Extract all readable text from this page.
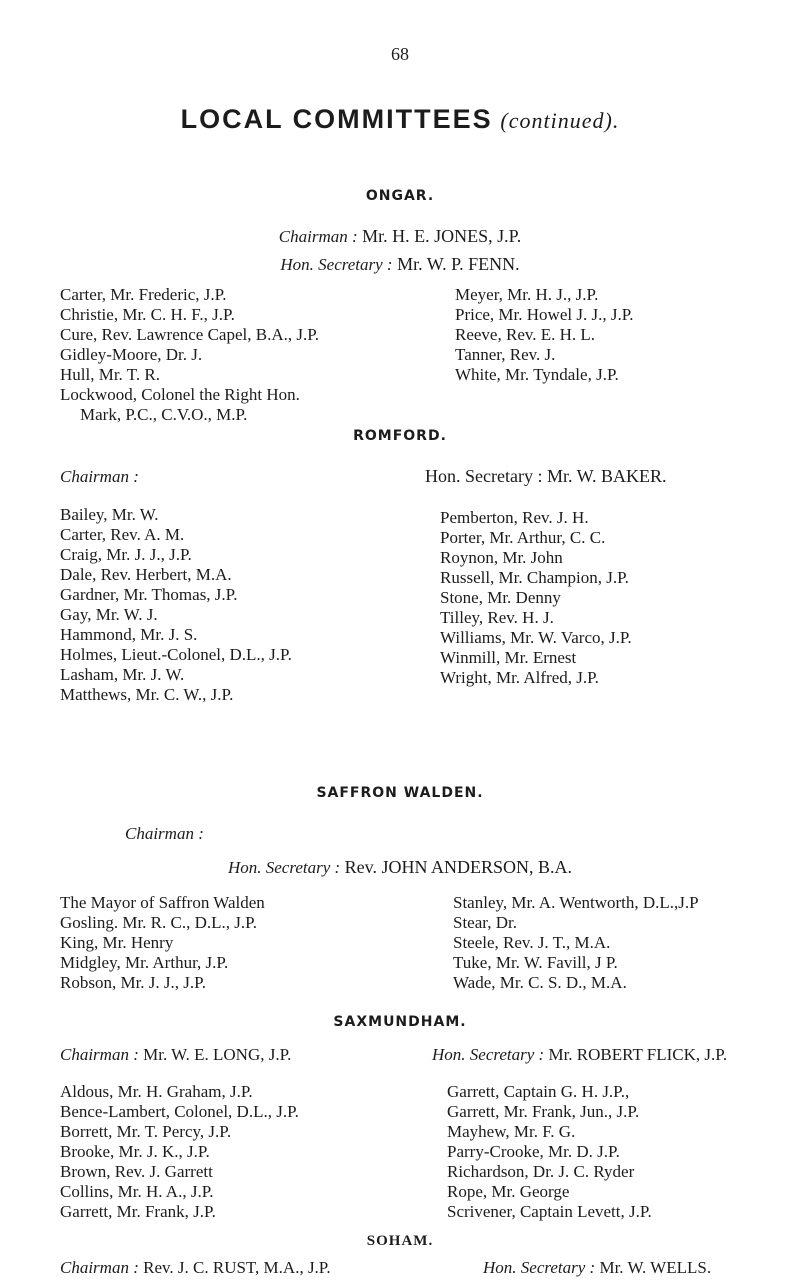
68
LOCAL COMMITTEES (continued).
ONGAR.
Chairman : Mr. H. E. JONES, J.P.
Hon. Secretary : Mr. W. P. FENN.
Carter, Mr. Frederic, J.P.
Christie, Mr. C. H. F., J.P.
Cure, Rev. Lawrence Capel, B.A., J.P.
Gidley-Moore, Dr. J.
Hull, Mr. T. R.
Lockwood, Colonel the Right Hon.
Mark, P.C., C.V.O., M.P.
Meyer, Mr. H. J., J.P.
Price, Mr. Howel J. J., J.P.
Reeve, Rev. E. H. L.
Tanner, Rev. J.
White, Mr. Tyndale, J.P.
ROMFORD.
Chairman :	Hon. Secretary : Mr. W. BAKER.
Bailey, Mr. W.
Carter, Rev. A. M.
Craig, Mr. J. J., J.P.
Dale, Rev. Herbert, M.A.
Gardner, Mr. Thomas, J.P.
Gay, Mr. W. J.
Hammond, Mr. J. S.
Holmes, Lieut.-Colonel, D.L., J.P.
Lasham, Mr. J. W.
Matthews, Mr. C. W., J.P.
Pemberton, Rev. J. H.
Porter, Mr. Arthur, C. C.
Roynon, Mr. John
Russell, Mr. Champion, J.P.
Stone, Mr. Denny
Tilley, Rev. H. J.
Williams, Mr. W. Varco, J.P.
Winmill, Mr. Ernest
Wright, Mr. Alfred, J.P.
SAFFRON WALDEN.
Chairman :
Hon. Secretary : Rev. JOHN ANDERSON, B.A.
The Mayor of Saffron Walden
Gosling. Mr. R. C., D.L., J.P.
King, Mr. Henry
Midgley, Mr. Arthur, J.P.
Robson, Mr. J. J., J.P.
Stanley, Mr. A. Wentworth, D.L.,J.P
Stear, Dr.
Steele, Rev. J. T., M.A.
Tuke, Mr. W. Favill, J P.
Wade, Mr. C. S. D., M.A.
SAXMUNDHAM.
Chairman : Mr. W. E. LONG, J.P.	Hon. Secretary : Mr. ROBERT FLICK, J.P.
Aldous, Mr. H. Graham, J.P.
Bence-Lambert, Colonel, D.L., J.P.
Borrett, Mr. T. Percy, J.P.
Brooke, Mr. J. K., J.P.
Brown, Rev. J. Garrett
Collins, Mr. H. A., J.P.
Garrett, Mr. Frank, J.P.
Garrett, Captain G. H. J.P.,
Garrett, Mr. Frank, Jun., J.P.
Mayhew, Mr. F. G.
Parry-Crooke, Mr. D. J.P.
Richardson, Dr. J. C. Ryder
Rope, Mr. George
Scrivener, Captain Levett, J.P.
SOHAM.
Chairman : Rev. J. C. RUST, M.A., J.P.	Hon. Secretary : Mr. W. WELLS.
